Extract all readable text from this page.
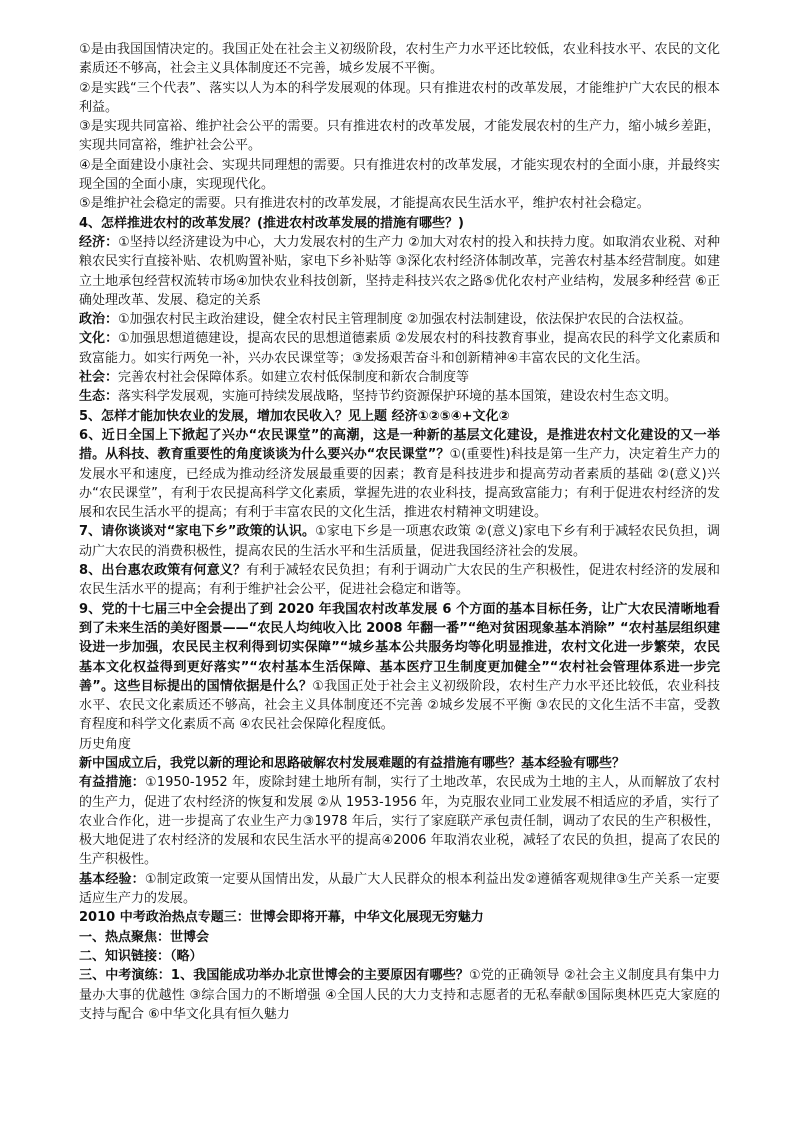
①是由我国国情决定的。我国正处在社会主义初级阶段，农村生产力水平还比较低，农业科技水平、农民的文化素质还不够高，社会主义具体制度还不完善，城乡发展不平衡。

②是实践“三个代表”、落实以人为本的科学发展观的体现。只有推进农村的改革发展，才能维护广大农民的根本利益。

③是实现共同富裕、维护社会公平的需要。只有推进农村的改革发展，才能发展农村的生产力，缩小城乡差距，实现共同富裕，维护社会公平。

④是全面建设小康社会、实现共同理想的需要。只有推进农村的改革发展，才能实现农村的全面小康，并最终实现全国的全面小康，实现现代化。

⑤是维护社会稳定的需要。只有推进农村的改革发展，才能提高农民生活水平，维护农村社会稳定。

4、怎样推进农村的改革发展？(推进农村改革发展的措施有哪些？)

经济：①坚持以经济建设为中心，大力发展农村的生产力 ②加大对农村的投入和扶持力度。如取消农业税、对种粮农民实行直接补贴、农机购置补贴，家电下乡补贴等 ③深化农村经济体制改革，完善农村基本经营制度。如建立土地承包经营权流转市场④加快农业科技创新，坚持走科技兴农之路⑤优化农村产业结构，发展多种经营 ⑥正确处理改革、发展、稳定的关系

政治：①加强农村民主政治建设，健全农村民主管理制度 ②加强农村法制建设，依法保护农民的合法权益。

文化：①加强思想道德建设，提高农民的思想道德素质 ②发展农村的科技教育事业，提高农民的科学文化素质和致富能力。如实行两免一补，兴办农民课堂等；③发扬艰苦奋斗和创新精神④丰富农民的文化生活。

社会：完善农村社会保障体系。如建立农村低保制度和新农合制度等

生态：落实科学发展观，实施可持续发展战略，坚持节约资源保护环境的基本国策，建设农村生态文明。

5、怎样才能加快农业的发展，增加农民收入？见上题 经济①②⑤④+文化②

6、近日全国上下掀起了兴办“农民课堂”的高潮，这是一种新的基层文化建设，是推进农村文化建设的又一举措。从科技、教育重要性的角度谈谈为什么要兴办“农民课堂”？①(重要性)科技是第一生产力，决定着生产力的发展水平和速度，已经成为推动经济发展最重要的因素；教育是科技进步和提高劳动者素质的基础 ②(意义)兴办“农民课堂”，有利于农民提高科学文化素质，掌握先进的农业科技，提高致富能力；有利于促进农村经济的发展和农民生活水平的提高；有利于丰富农民的文化生活，推进农村精神文明建设。

7、请你谈谈对“家电下乡”政策的认识。①家电下乡是一项惠农政策 ②(意义)家电下乡有利于减轻农民负担，调动广大农民的消费积极性，提高农民的生活水平和生活质量，促进我国经济社会的发展。

8、出台惠农政策有何意义？有利于减轻农民负担；有利于调动广大农民的生产积极性，促进农村经济的发展和农民生活水平的提高；有利于维护社会公平，促进社会稳定和谐等。

9、党的十七届三中全会提出了到 2020 年我国农村改革发展 6 个方面的基本目标任务，让广大农民清晰地看到了未来生活的美好图景——“农民人均纯收入比 2008 年翻一番”“绝对贫困现象基本消除” “农村基层组织建设进一步加强，农民民主权利得到切实保障”“城乡基本公共服务均等化明显推进，农村文化进一步繁荣，农民基本文化权益得到更好落实”“农村基本生活保障、基本医疗卫生制度更加健全”“农村社会管理体系进一步完善”。这些目标提出的国情依据是什么？①我国正处于社会主义初级阶段，农村生产力水平还比较低，农业科技水平、农民文化素质还不够高，社会主义具体制度还不完善 ②城乡发展不平衡 ③农民的文化生活不丰富，受教育程度和科学文化素质不高 ④农民社会保障化程度低。

历史角度

新中国成立后，我党以新的理论和思路破解农村发展难题的有益措施有哪些？基本经验有哪些？

有益措施：①1950-1952 年，废除封建土地所有制，实行了土地改革，农民成为土地的主人，从而解放了农村的生产力，促进了农村经济的恢复和发展 ②从 1953-1956 年，为克服农业同工业发展不相适应的矛盾，实行了农业合作化，进一步提高了农业生产力③1978 年后，实行了家庭联产承包责任制，调动了农民的生产积极性，极大地促进了农村经济的发展和农民生活水平的提高④2006 年取消农业税，减轻了农民的负担，提高了农民的生产积极性。

基本经验：①制定政策一定要从国情出发，从最广大人民群众的根本利益出发②遵循客观规律③生产关系一定要适应生产力的发展。

2010 中考政治热点专题三：世博会即将开幕，中华文化展现无穷魅力

一、热点聚焦：世博会

二、知识链接：（略）

三、中考演练：1、我国能成功举办北京世博会的主要原因有哪些？①党的正确领导 ②社会主义制度具有集中力量办大事的优越性 ③综合国力的不断增强 ④全国人民的大力支持和志愿者的无私奉献⑤国际奥林匹克大家庭的支持与配合 ⑥中华文化具有恒久魅力
